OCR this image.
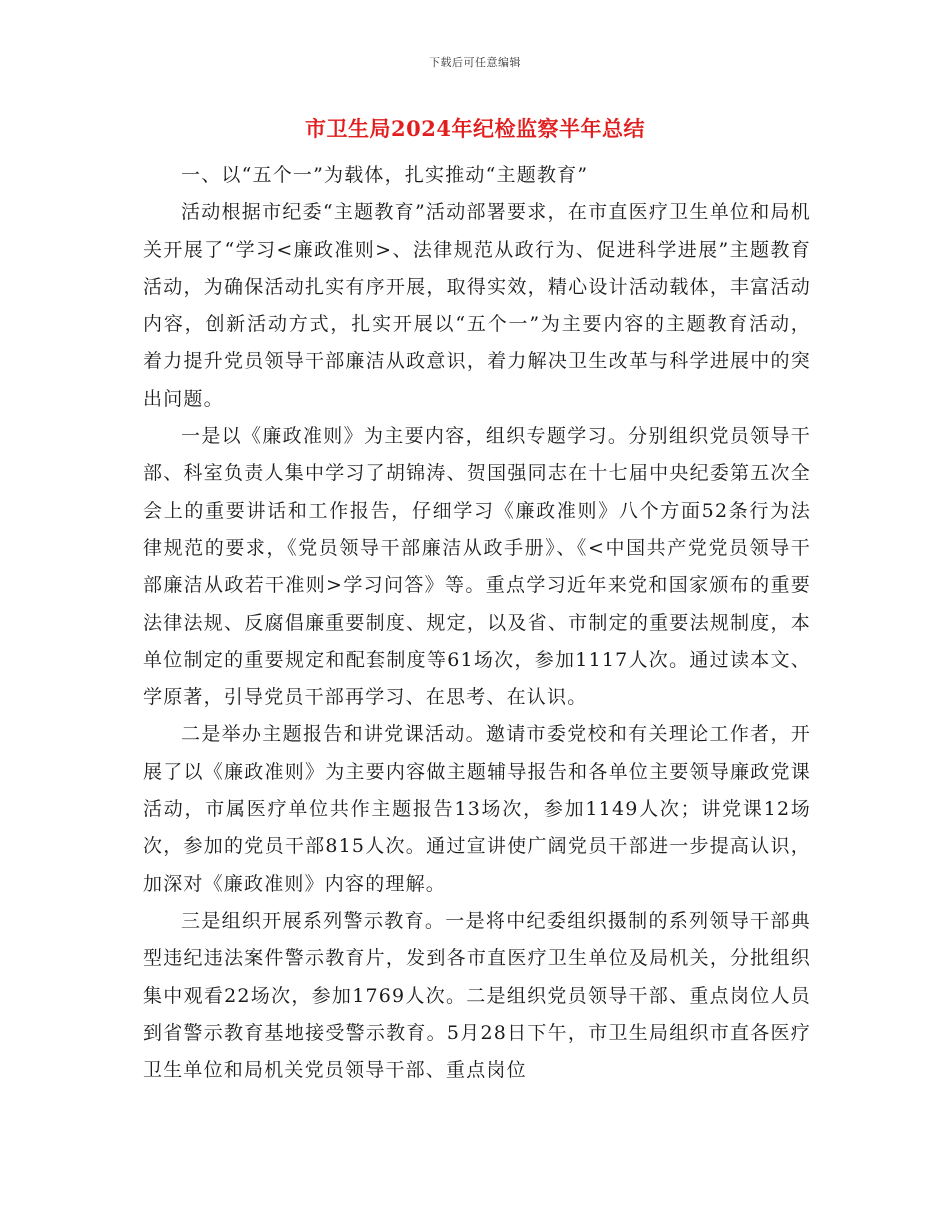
下载后可任意编辑
市卫生局2024年纪检监察半年总结

一、以“五个一”为载体，扎实推动“主题教育”

活动根据市纪委“主题教育”活动部署要求，在市直医疗卫生单位和局机关开展了“学习<廉政准则>、法律规范从政行为、促进科学进展”主题教育活动，为确保活动扎实有序开展，取得实效，精心设计活动载体，丰富活动内容，创新活动方式，扎实开展以“五个一”为主要内容的主题教育活动，着力提升党员领导干部廉洁从政意识，着力解决卫生改革与科学进展中的突出问题。

一是以《廉政准则》为主要内容，组织专题学习。分别组织党员领导干部、科室负责人集中学习了胡锦涛、贺国强同志在十七届中央纪委第五次全会上的重要讲话和工作报告，仔细学习《廉政准则》八个方面52条行为法律规范的要求，《党员领导干部廉洁从政手册》、《<中国共产党党员领导干部廉洁从政若干准则>学习问答》等。重点学习近年来党和国家颁布的重要法律法规、反腐倡廉重要制度、规定，以及省、市制定的重要法规制度，本单位制定的重要规定和配套制度等61场次，参加1117人次。通过读本文、学原著，引导党员干部再学习、在思考、在认识。

二是举办主题报告和讲党课活动。邀请市委党校和有关理论工作者，开展了以《廉政准则》为主要内容做主题辅导报告和各单位主要领导廉政党课活动，市属医疗单位共作主题报告13场次，参加1149人次；讲党课12场次，参加的党员干部815人次。通过宣讲使广阔党员干部进一步提高认识，加深对《廉政准则》内容的理解。

三是组织开展系列警示教育。一是将中纪委组织摄制的系列领导干部典型违纪违法案件警示教育片，发到各市直医疗卫生单位及局机关，分批组织集中观看22场次，参加1769人次。二是组织党员领导干部、重点岗位人员到省警示教育基地接受警示教育。5月28日下午，市卫生局组织市直各医疗卫生单位和局机关党员领导干部、重点岗位
